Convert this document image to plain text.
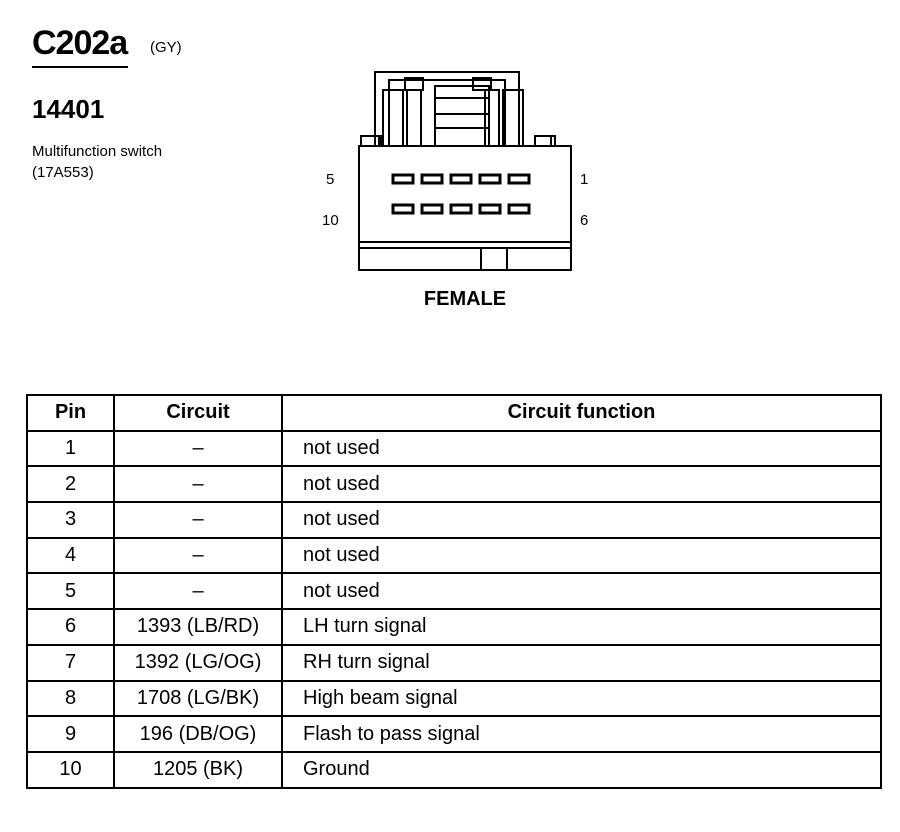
C202a (GY)
14401
Multifunction switch
(17A553)	5	1
10	6
FEMALE
Pin	Circuit	Circuit function
1	–	not used
2	–	not used
3	–	not used
4	–	not used
5	–	not used
6	1393 (LB/RD)	LH turn signal
7	1392 (LG/OG)	RH turn signal
8	1708 (LG/BK)	High beam signal
9	196 (DB/OG)	Flash to pass signal
10	1205 (BK)	Ground
